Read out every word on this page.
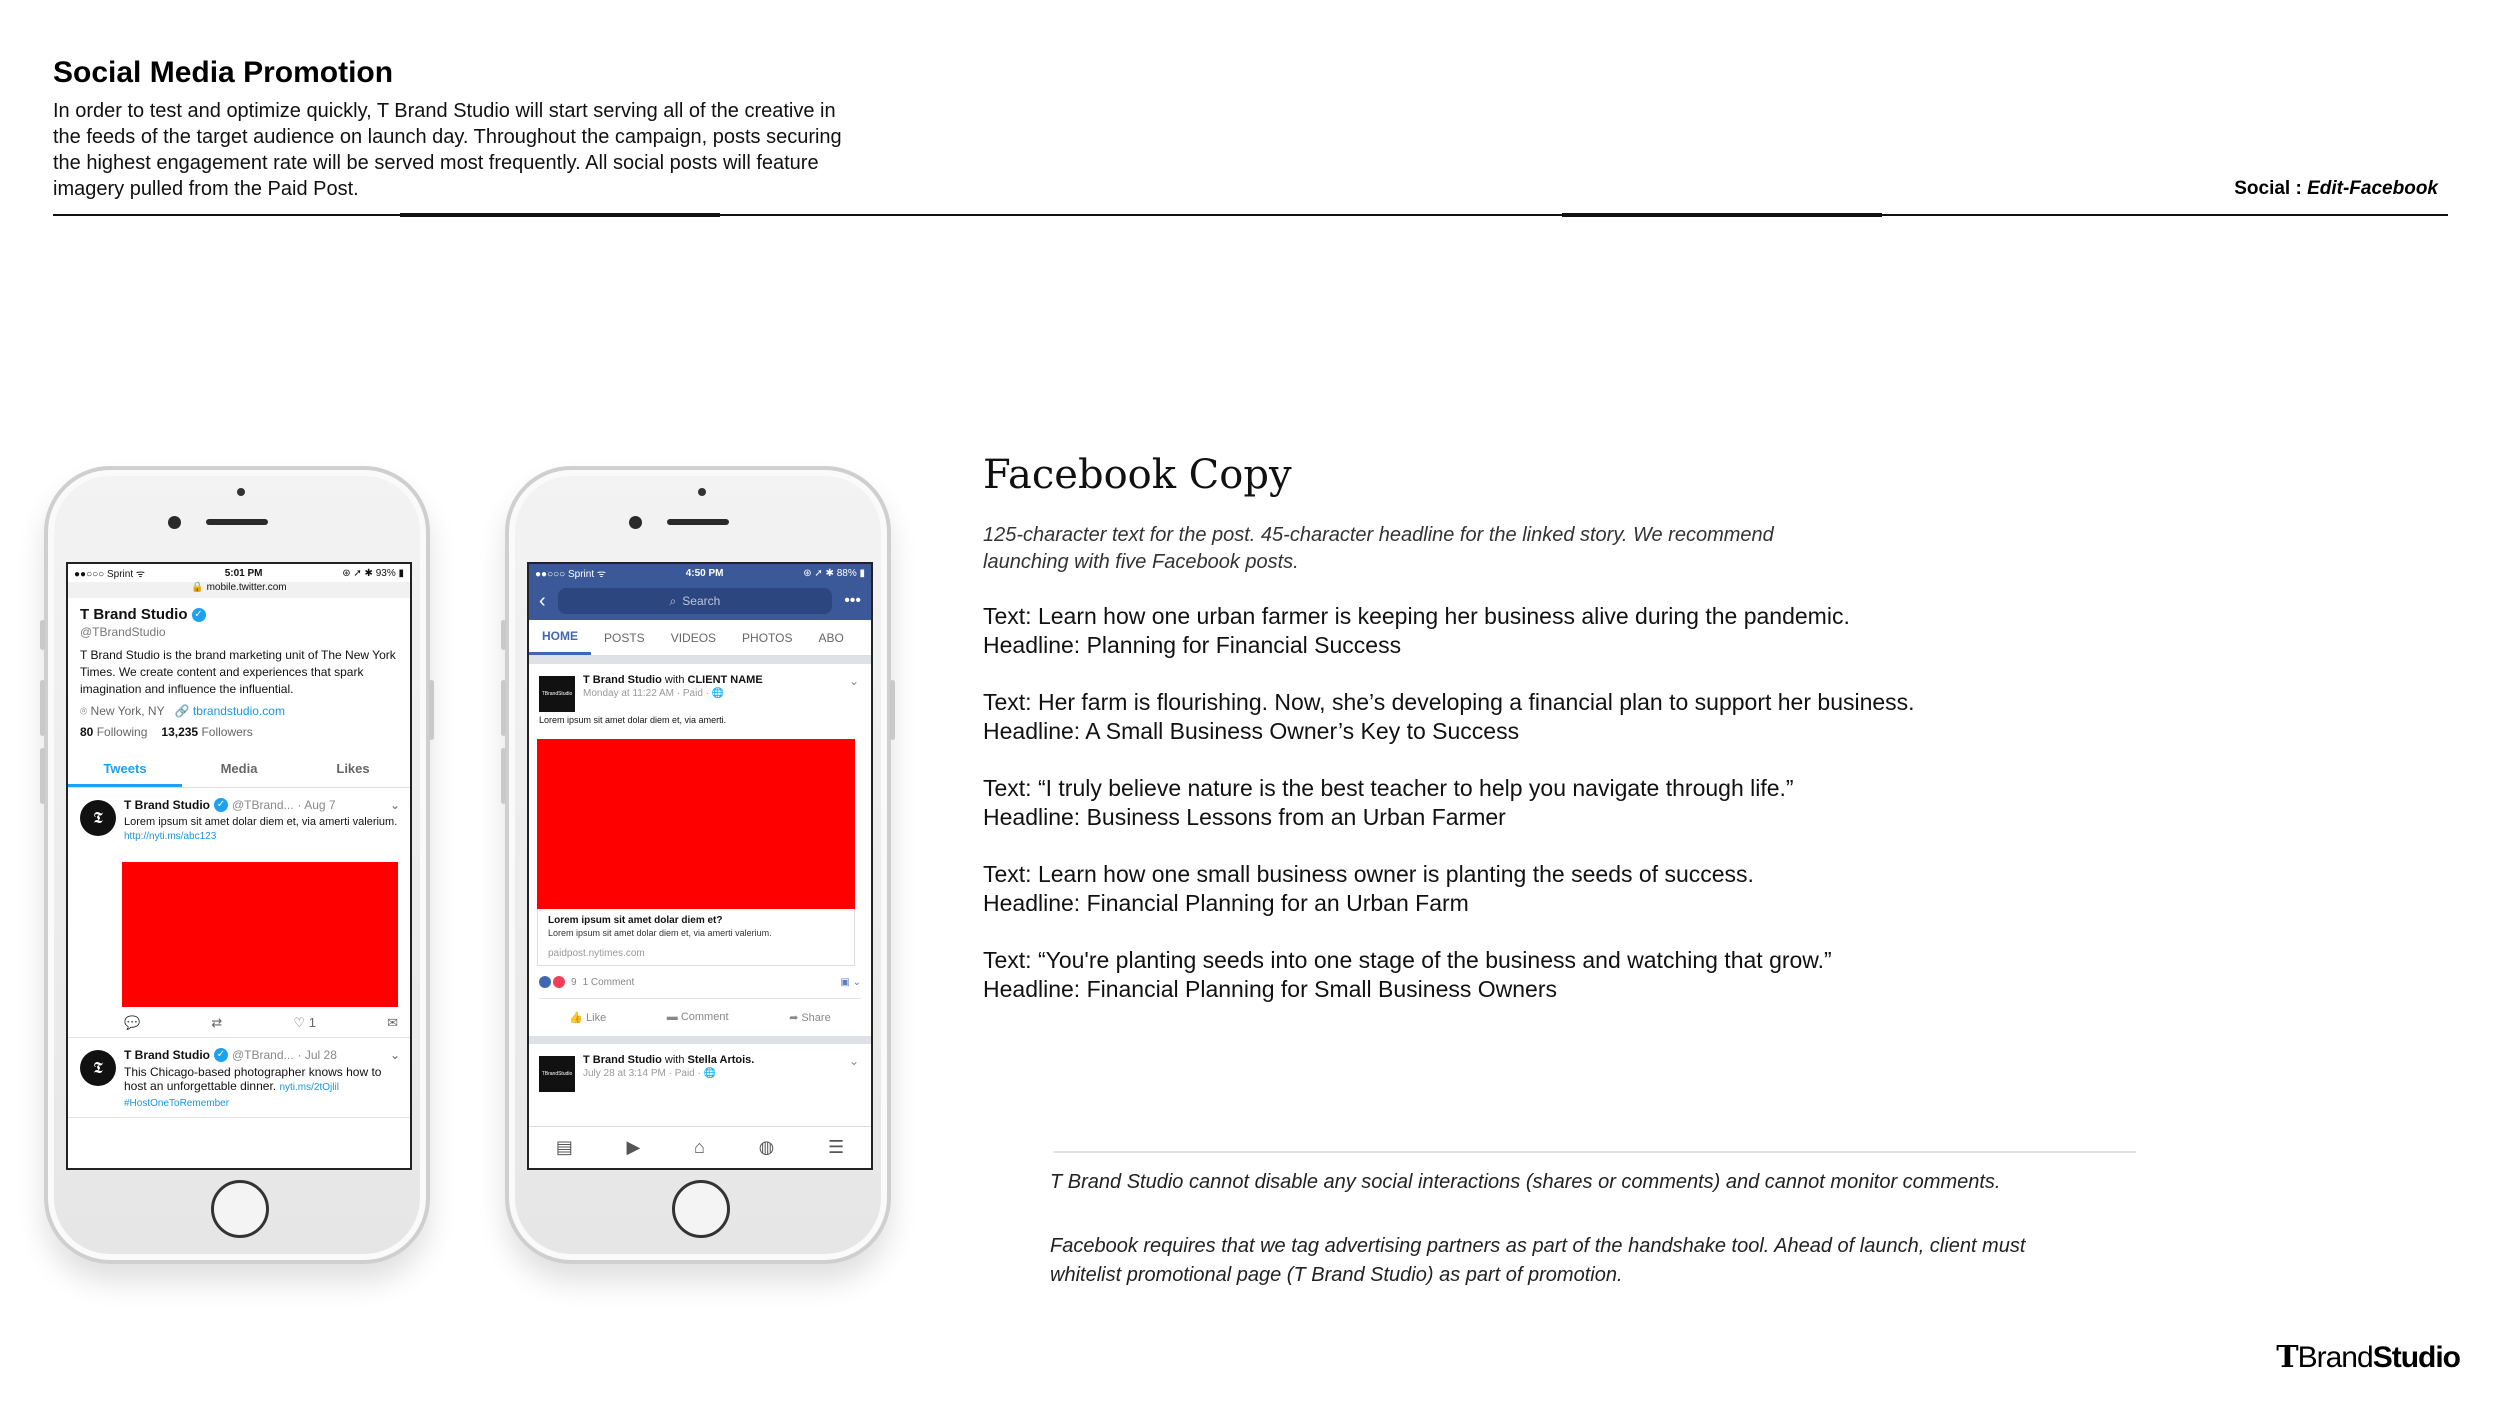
Social Media Promotion
In order to test and optimize quickly, T Brand Studio will start serving all of the creative in
the feeds of the target audience on launch day. Throughout the campaign, posts securing
the highest engagement rate will be served most frequently. All social posts will feature
imagery pulled from the Paid Post.	Social : Edit-Facebook
●●○○○ Sprint ᯤ	5:01 PM	⊛ ➚ ✱ 93% ▮
🔒 mobile.twitter.com
T Brand Studio ✓
@TBrandStudio
T Brand Studio is the brand marketing unit of The New York Times. We create content and experiences that spark imagination and influence the influential.
⌾ New York, NY 🔗 tbrandstudio.com
80 Following 13,235 Followers
Tweets	Media	Likes
𝕿
T Brand Studio ✓ @TBrand... · Aug 7	⌄
Lorem ipsum sit amet dolar diem et, via amerti valerium. http://nyti.ms/abc123
💬	⇄	♡ 1	✉
𝕿
T Brand Studio ✓ @TBrand... · Jul 28	⌄
This Chicago-based photographer knows how to host an unforgettable dinner. nyti.ms/2tOjlil #HostOneToRemember
●●○○○ Sprint ᯤ	4:50 PM	⊛ ➚ ✱ 88% ▮
‹	⌕ Search	•••
HOME	POSTS	VIDEOS	PHOTOS	ABO
TBrandStudio
T Brand Studio with CLIENT NAME
Monday at 11:22 AM · Paid · 🌐
⌄
Lorem ipsum sit amet dolar diem et, via amerti.
Lorem ipsum sit amet dolar diem et?
Lorem ipsum sit amet dolar diem et, via amerti valerium.
paidpost.nytimes.com
9 1 Comment	▣ ⌄
👍 Like	▬ Comment	➦ Share
TBrandStudio
T Brand Studio with Stella Artois.
July 28 at 3:14 PM · Paid · 🌐
⌄
▤	▶	⌂	◍	☰
Facebook Copy
125-character text for the post. 45-character headline for the linked story. We recommend launching with five Facebook posts.
Text: Learn how one urban farmer is keeping her business alive during the pandemic.
Headline: Planning for Financial Success
Text: Her farm is flourishing. Now, she’s developing a financial plan to support her business.
Headline: A Small Business Owner’s Key to Success
Text: “I truly believe nature is the best teacher to help you navigate through life.”
Headline: Business Lessons from an Urban Farmer
Text: Learn how one small business owner is planting the seeds of success.
Headline: Financial Planning for an Urban Farm
Text: “You're planting seeds into one stage of the business and watching that grow.”
Headline: Financial Planning for Small Business Owners
T Brand Studio cannot disable any social interactions (shares or comments) and cannot monitor comments.
Facebook requires that we tag advertising partners as part of the handshake tool. Ahead of launch, client must
whitelist promotional page (T Brand Studio) as part of promotion.
TBrandStudio
